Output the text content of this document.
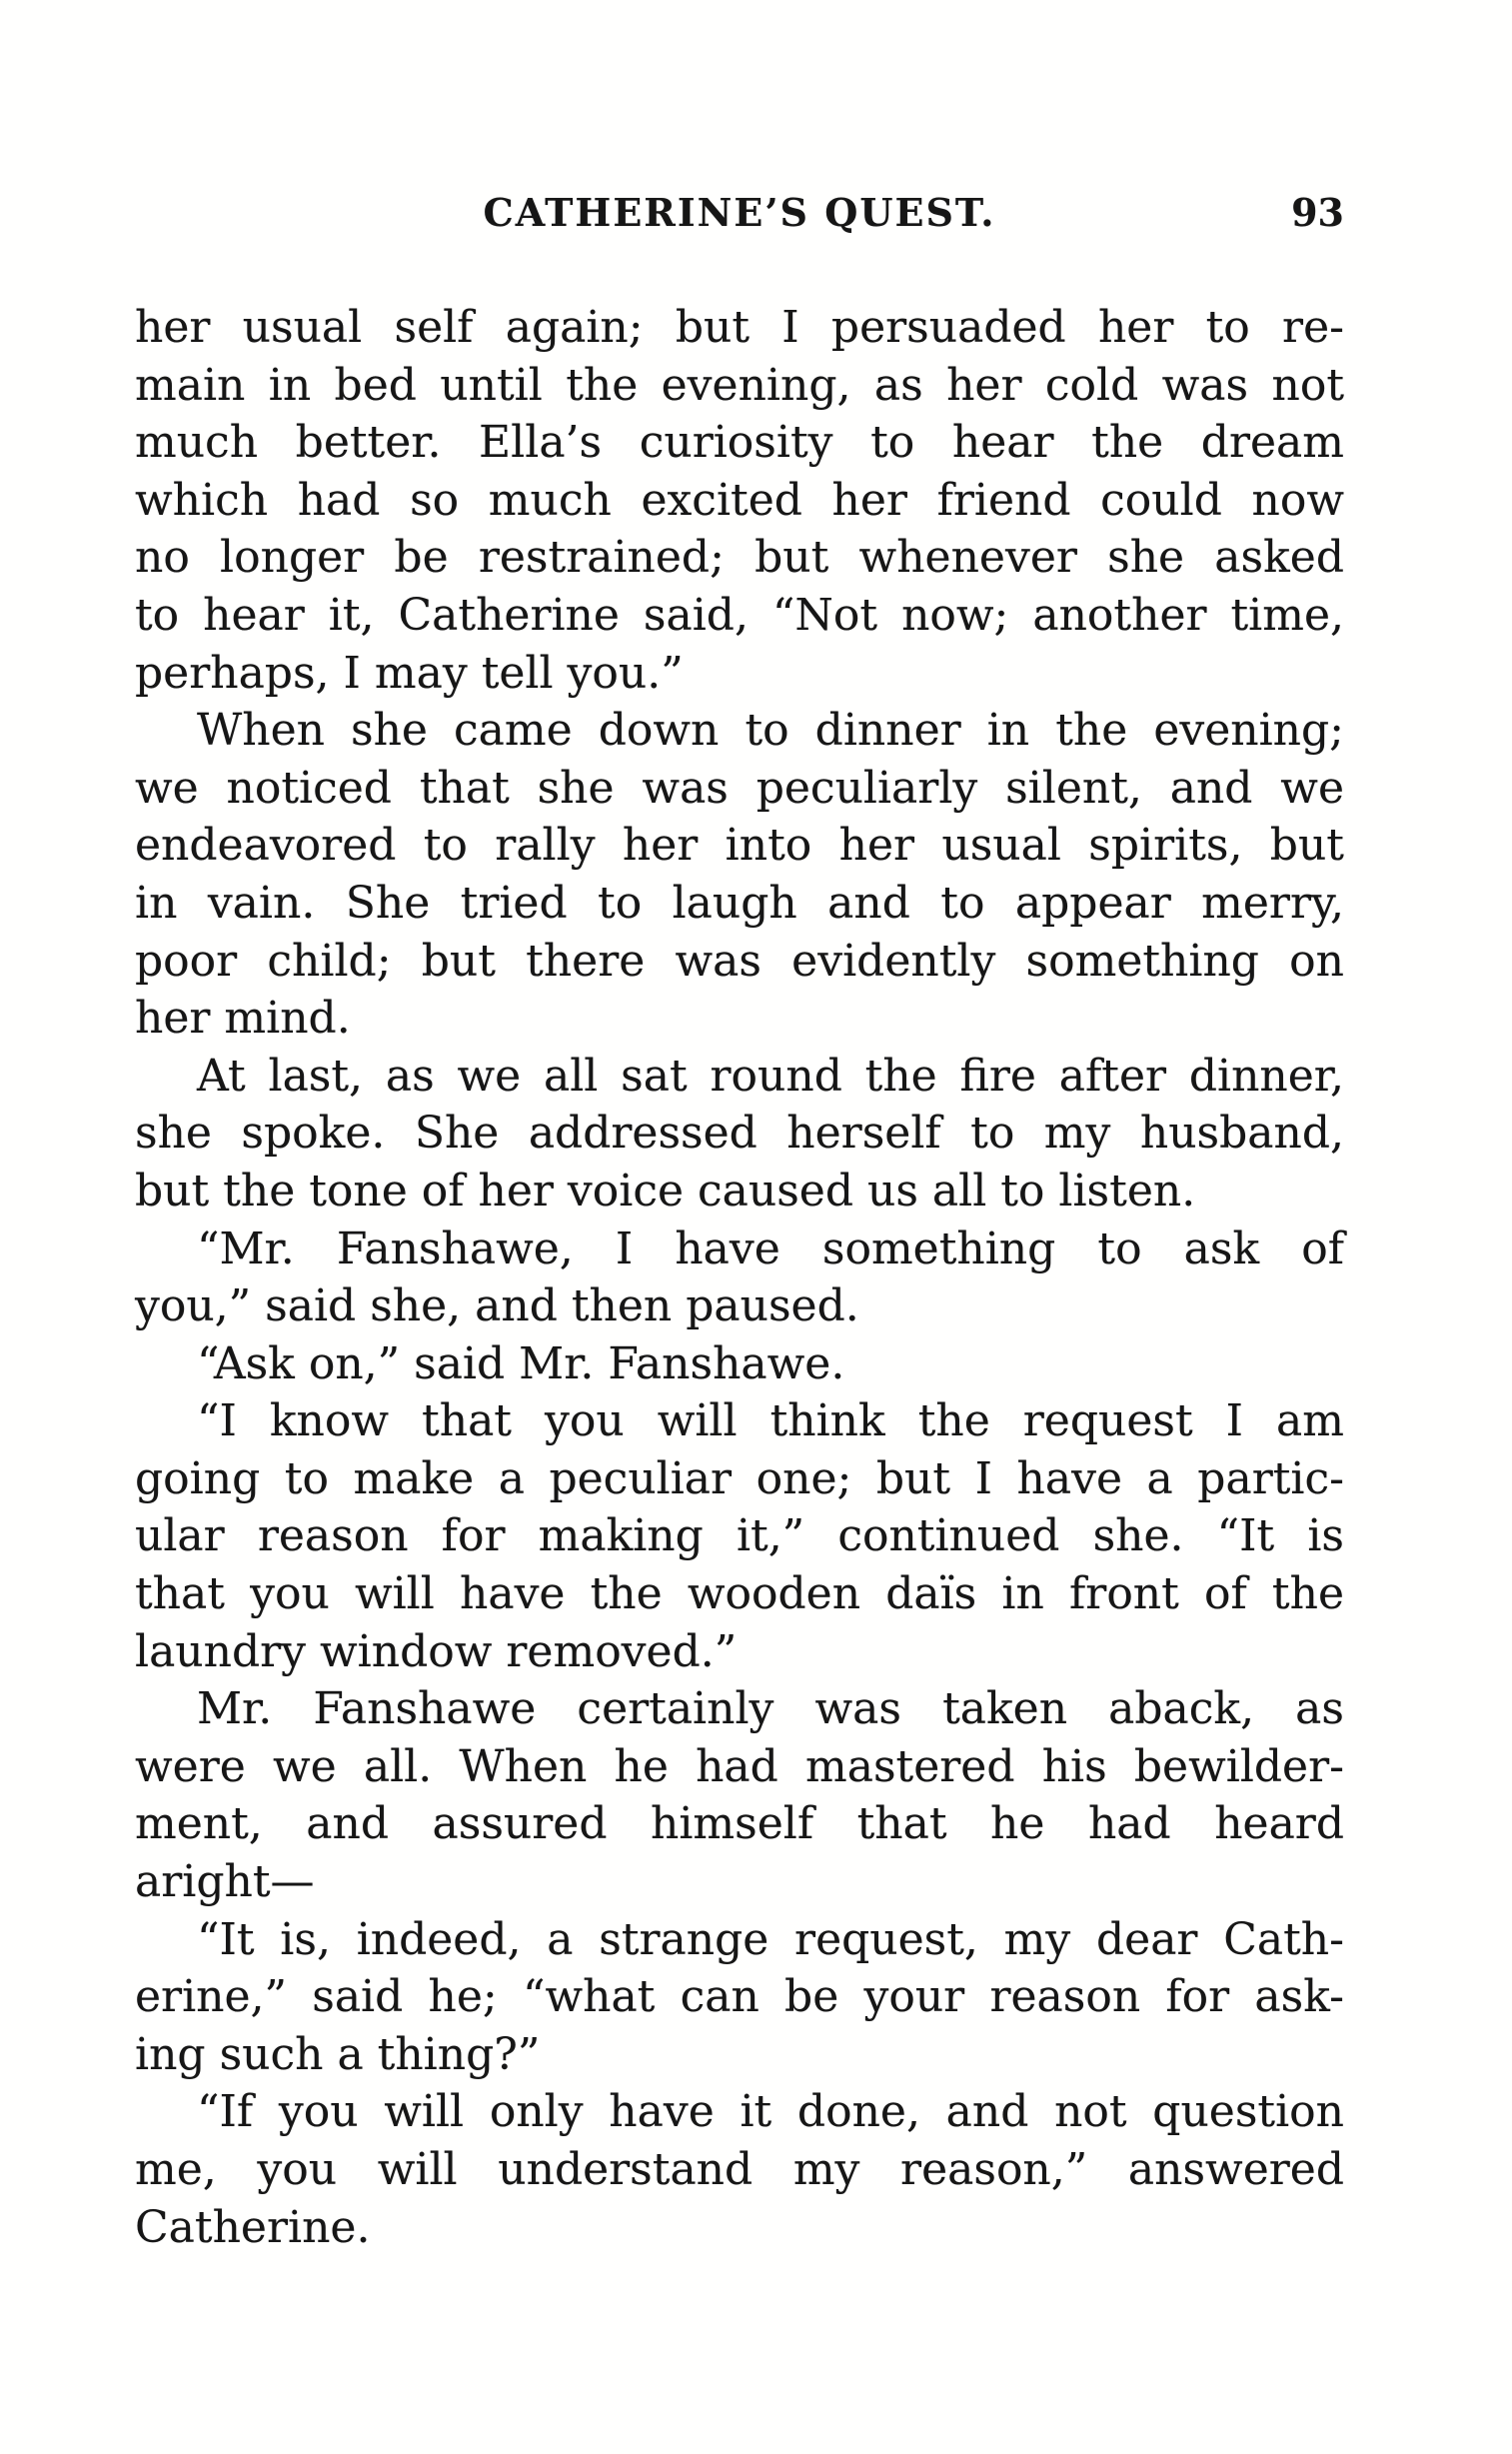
CATHERINE’S QUEST.	93
her usual self again; but I persuaded her to re-
main in bed until the evening, as her cold was not
much better. Ella’s curiosity to hear the dream
which had so much excited her friend could now
no longer be restrained; but whenever she asked
to hear it, Catherine said, “Not now; another time,
perhaps, I may tell you.”
When she came down to dinner in the evening;
we noticed that she was peculiarly silent, and we
endeavored to rally her into her usual spirits, but
in vain. She tried to laugh and to appear merry,
poor child; but there was evidently something on
her mind.
At last, as we all sat round the fire after dinner,
she spoke. She addressed herself to my husband,
but the tone of her voice caused us all to listen.
“Mr. Fanshawe, I have something to ask of
you,” said she, and then paused.
“Ask on,” said Mr. Fanshawe.
“I know that you will think the request I am
going to make a peculiar one; but I have a partic-
ular reason for making it,” continued she. “It is
that you will have the wooden daïs in front of the
laundry window removed.”
Mr. Fanshawe certainly was taken aback, as
were we all. When he had mastered his bewilder-
ment, and assured himself that he had heard
aright—
“It is, indeed, a strange request, my dear Cath-
erine,” said he; “what can be your reason for ask-
ing such a thing?”
“If you will only have it done, and not question
me, you will understand my reason,” answered
Catherine.
